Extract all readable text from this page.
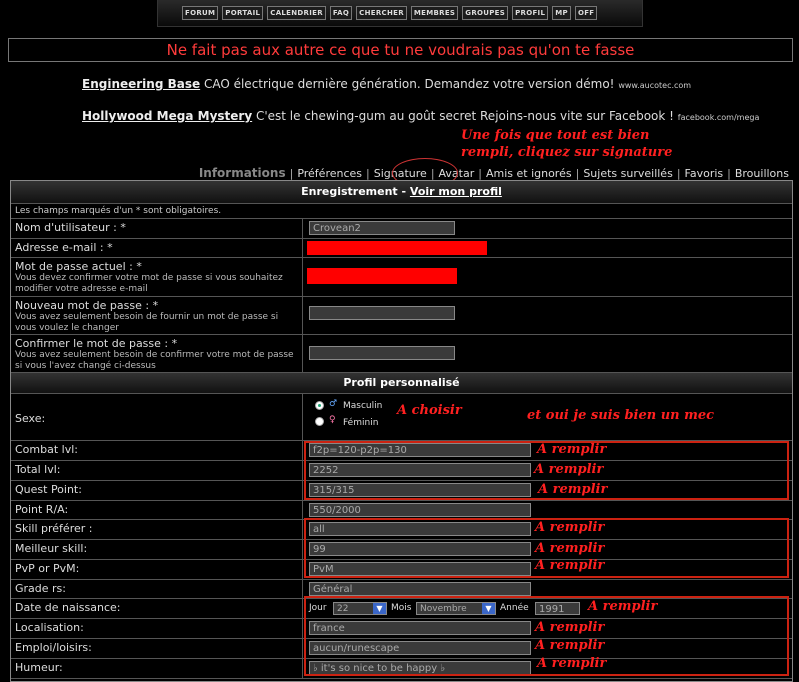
FORUM	PORTAIL	CALENDRIER	FAQ	CHERCHER	MEMBRES	GROUPES	PROFIL	MP	OFF
Ne fait pas aux autre ce que tu ne voudrais pas qu'on te fasse
Engineering Base CAO électrique dernière génération. Demandez votre version démo! www.aucotec.com
Hollywood Mega Mystery C'est le chewing-gum au goût secret Rejoins-nous vite sur Facebook ! facebook.com/mega
Une fois que tout est bien
rempli, cliquez sur signature
Informations | Préférences | Signature | Avatar | Amis et ignorés | Sujets surveillés | Favoris | Brouillons
Enregistrement - Voir mon profil
Les champs marqués d'un * sont obligatoires.
Nom d'utilisateur : *	Crovean2
Adresse e-mail : *
Mot de passe actuel : *
Vous devez confirmer votre mot de passe si vous souhaitez modifier votre adresse e-mail
Nouveau mot de passe : *
Vous avez seulement besoin de fournir un mot de passe si vous voulez le changer
Confirmer le mot de passe : *
Vous avez seulement besoin de confirmer votre mot de passe si vous l'avez changé ci-dessus
Profil personnalisé
Sexe:
♂ Masculin
♀ Féminin
Combat lvl:	f2p=120-p2p=130
Total lvl:	2252
Quest Point:	315/315
Point R/A:	550/2000
Skill préférer :	all
Meilleur skill:	99
PvP or PvM:	PvM
Grade rs:	Général
Date de naissance:	Jour	22	▼ Mois Novembre	▼ Année	1991
Localisation:	france
Emploi/loisirs:	aucun/runescape
Humeur:	♭ it's so nice to be happy ♭
A choisir	et oui je suis bien un mec
A remplir
A remplir
A remplir
A remplir
A remplir
A remplir
A remplir
A remplir
A remplir
A remplir
